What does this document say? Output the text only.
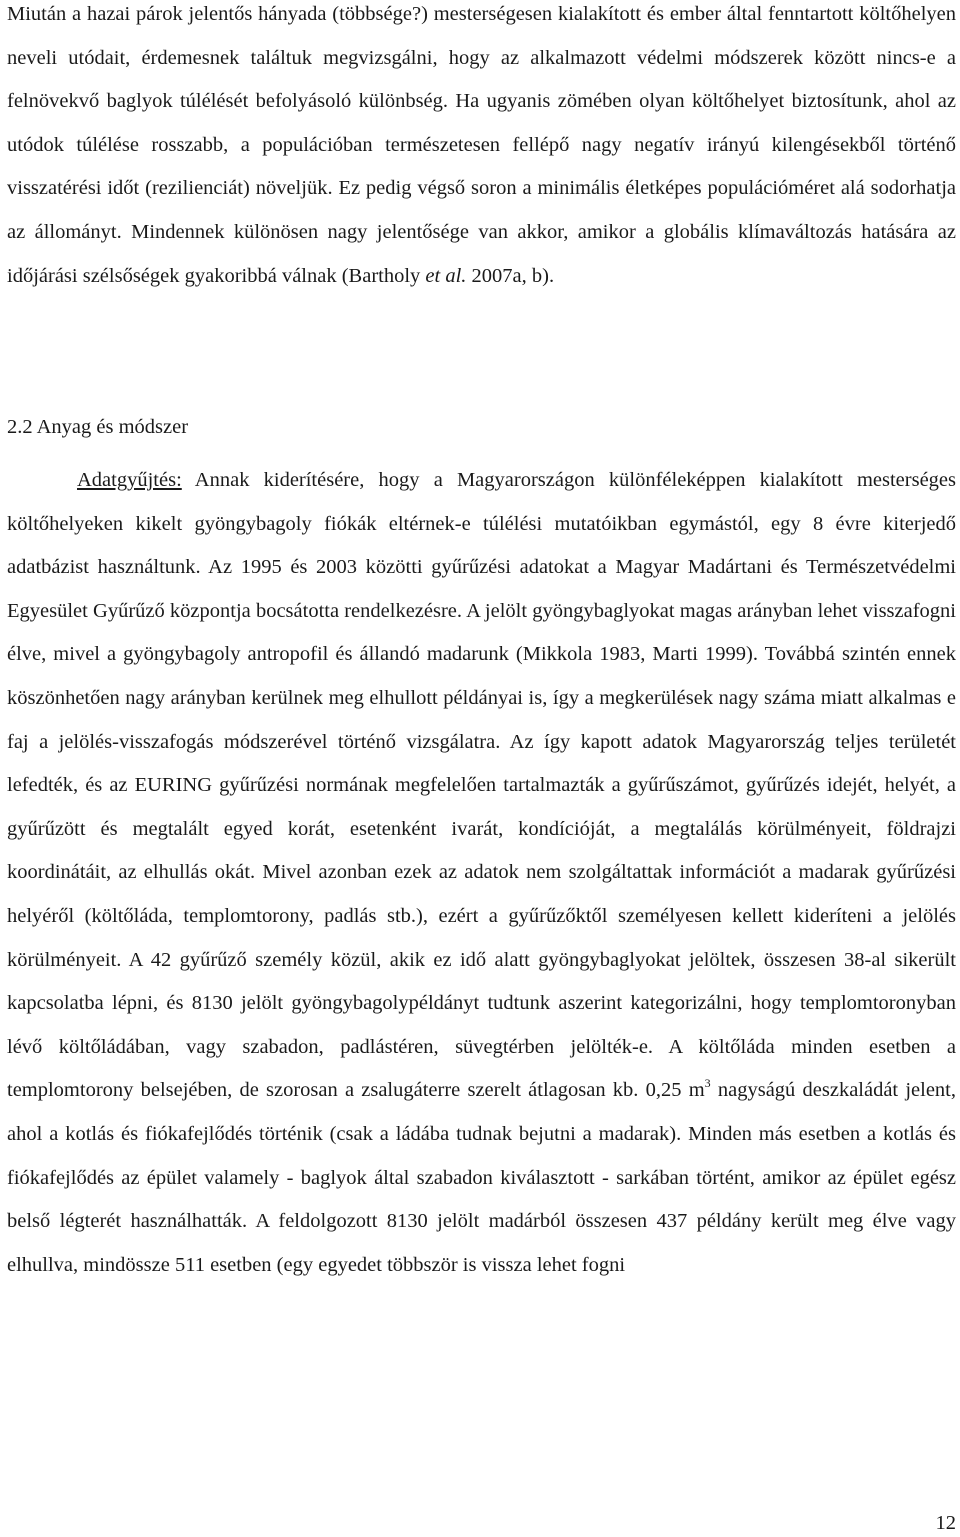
Miután a hazai párok jelentős hányada (többsége?) mesterségesen kialakított és ember által fenntartott költőhelyen neveli utódait, érdemesnek találtuk megvizsgálni, hogy az alkalmazott védelmi módszerek között nincs-e a felnövekvő baglyok túlélését befolyásoló különbség. Ha ugyanis zömében olyan költőhelyet biztosítunk, ahol az utódok túlélése rosszabb, a populációban természetesen fellépő nagy negatív irányú kilengésekből történő visszatérési időt (rezilienciát) növeljük. Ez pedig végső soron a minimális életképes populációméret alá sodorhatja az állományt. Mindennek különösen nagy jelentősége van akkor, amikor a globális klímaváltozás hatására az időjárási szélsőségek gyakoribbá válnak (Bartholy et al. 2007a, b).

2.2 Anyag és módszer

Adatgyűjtés: Annak kiderítésére, hogy a Magyarországon különféleképpen kialakított mesterséges költőhelyeken kikelt gyöngybagoly fiókák eltérnek-e túlélési mutatóikban egymástól, egy 8 évre kiterjedő adatbázist használtunk. Az 1995 és 2003 közötti gyűrűzési adatokat a Magyar Madártani és Természetvédelmi Egyesület Gyűrűző központja bocsátotta rendelkezésre. A jelölt gyöngybaglyokat magas arányban lehet visszafogni élve, mivel a gyöngybagoly antropofil és állandó madarunk (Mikkola 1983, Marti 1999). Továbbá szintén ennek köszönhetően nagy arányban kerülnek meg elhullott példányai is, így a megkerülések nagy száma miatt alkalmas e faj a jelölés-visszafogás módszerével történő vizsgálatra. Az így kapott adatok Magyarország teljes területét lefedték, és az EURING gyűrűzési normának megfelelően tartalmazták a gyűrűszámot, gyűrűzés idejét, helyét, a gyűrűzött és megtalált egyed korát, esetenként ivarát, kondícióját, a megtalálás körülményeit, földrajzi koordinátáit, az elhullás okát. Mivel azonban ezek az adatok nem szolgáltattak információt a madarak gyűrűzési helyéről (költőláda, templomtorony, padlás stb.), ezért a gyűrűzőktől személyesen kellett kideríteni a jelölés körülményeit. A 42 gyűrűző személy közül, akik ez idő alatt gyöngybaglyokat jelöltek, összesen 38-al sikerült kapcsolatba lépni, és 8130 jelölt gyöngybagolypéldányt tudtunk aszerint kategorizálni, hogy templomtoronyban lévő költőládában, vagy szabadon, padlástéren, süvegtérben jelölték-e. A költőláda minden esetben a templomtorony belsejében, de szorosan a zsalugáterre szerelt átlagosan kb. 0,25 $m^3$ nagyságú deszkaládát jelent, ahol a kotlás és fiókafejlődés történik (csak a ládába tudnak bejutni a madarak). Minden más esetben a kotlás és fiókafejlődés az épület valamely - baglyok által szabadon kiválasztott - sarkában történt, amikor az épület egész belső légterét használhatták. A feldolgozott 8130 jelölt madárból összesen 437 példány került meg élve vagy elhullva, mindössze 511 esetben (egy egyedet többször is vissza lehet fogni

12
